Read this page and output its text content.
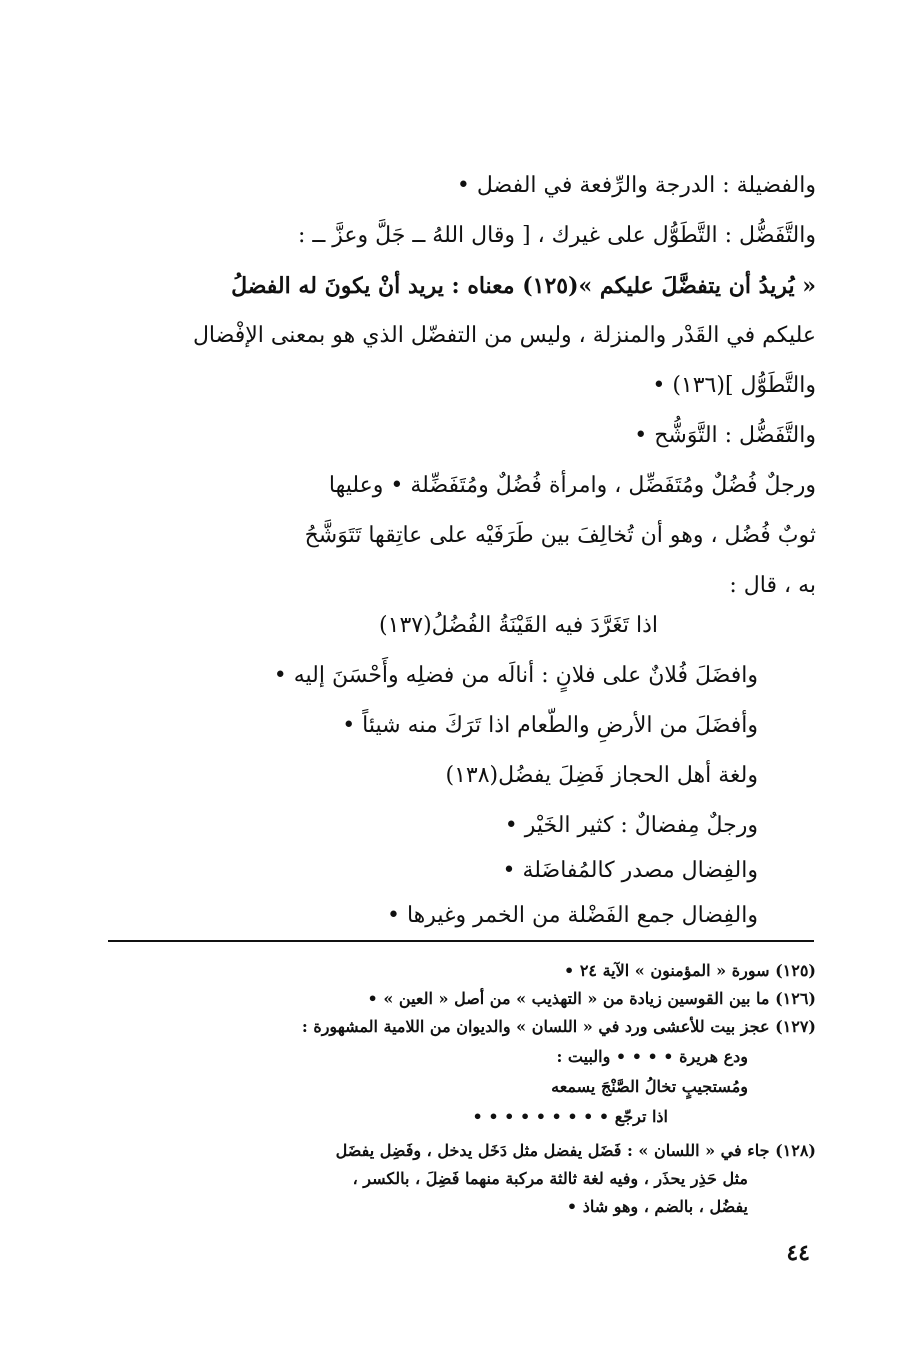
والفضيلة : الدرجة والرِّفعة في الفضل •
والتَّفَضُّل : التَّطَوُّل على غيرك ، [ وقال اللهُ ــ جَلَّ وعزَّ ــ :
« يُريدُ أن يتفضَّلَ عليكم »(١٢٥) معناه : يريد أنْ يكونَ له الفضلُ
عليكم في القَدْر والمنزلة ، وليس من التفضّل الذي هو بمعنى الإفْضال
والتَّطَوُّل ](١٣٦) •
والتَّفَضُّل : التَّوَشُّح •
ورجلٌ فُضُلٌ ومُتَفَضِّل ، وامرأة فُضُلٌ ومُتَفَضِّلة • وعليها
ثوبٌ فُضُل ، وهو أن تُخالِفَ بين طَرَفَيْه على عاتِقها تَتَوَشَّحُ
به ، قال :
اذا تَغَرَّدَ فيه القَيْنَةُ الفُضُلُ(١٣٧)
وافضَلَ فُلانٌ على فلانٍ : أنالَه من فضلِه وأَحْسَنَ إليه •
وأفضَلَ من الأرضِ والطّعام اذا تَرَكَ منه شيئاً •
ولغة أهل الحجاز فَضِلَ يفضُل(١٣٨)
ورجلٌ مِفضالٌ : كثير الخَيْر •
والفِضال مصدر كالمُفاضَلة •
والفِضال جمع الفَضْلة من الخمر وغيرها •
(١٢٥) سورة « المؤمنون » الآية ٢٤ •
(١٢٦) ما بين القوسين زيادة من « التهذيب » من أصل « العين » •
(١٢٧) عجز بيت للأعشى ورد في « اللسان » والديوان من اللامية المشهورة :
ودع هريرة • • • • والبيت :
ومُستجيبٍ تخالُ الصَّنْجَ يسمعه
اذا ترجّع • • • • • • • • •
(١٢٨) جاء في « اللسان » : فَضَل يفضل مثل دَخَل يدخل ، وفَضِل يفضَل
مثل حَذِر يحذَر ، وفيه لغة ثالثة مركبة منهما فَضِلَ ، بالكسر ،
يفضُل ، بالضم ، وهو شاذ •
٤٤
